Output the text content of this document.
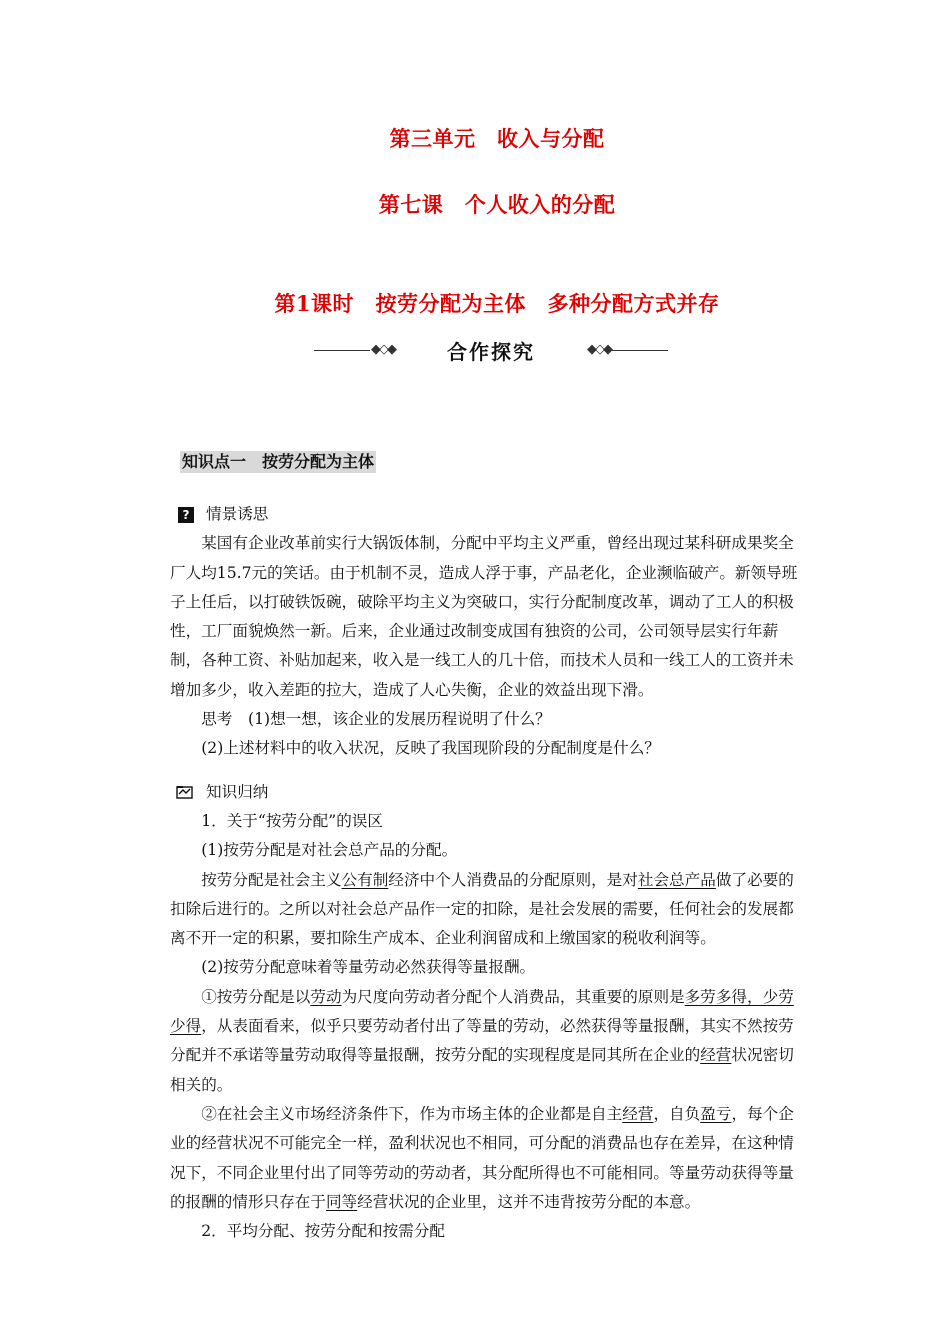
第三单元　收入与分配
第七课　个人收入的分配
第1课时　按劳分配为主体　多种分配方式并存
◆◇◆	合作探究	◆◇◆
知识点一 按劳分配为主体
? 情景诱思

某国有企业改革前实行大锅饭体制，分配中平均主义严重，曾经出现过某科研成果奖全厂人均15.7元的笑话。由于机制不灵，造成人浮于事，产品老化，企业濒临破产。新领导班子上任后，以打破铁饭碗，破除平均主义为突破口，实行分配制度改革，调动了工人的积极性，工厂面貌焕然一新。后来，企业通过改制变成国有独资的公司，公司领导层实行年薪制，各种工资、补贴加起来，收入是一线工人的几十倍，而技术人员和一线工人的工资并未增加多少，收入差距的拉大，造成了人心失衡，企业的效益出现下滑。

思考　 (1)想一想，该企业的发展历程说明了什么？

(2)上述材料中的收入状况，反映了我国现阶段的分配制度是什么？

知识归纳

1．关于“按劳分配”的误区

(1)按劳分配是对社会总产品的分配。

按劳分配是社会主义公有制经济中个人消费品的分配原则，是对社会总产品做了必要的扣除后进行的。之所以对社会总产品作一定的扣除，是社会发展的需要，任何社会的发展都离不开一定的积累，要扣除生产成本、企业利润留成和上缴国家的税收利润等。

(2)按劳分配意味着等量劳动必然获得等量报酬。

①按劳分配是以劳动为尺度向劳动者分配个人消费品，其重要的原则是多劳多得，少劳少得，从表面看来，似乎只要劳动者付出了等量的劳动，必然获得等量报酬，其实不然按劳分配并不承诺等量劳动取得等量报酬，按劳分配的实现程度是同其所在企业的经营状况密切相关的。

②在社会主义市场经济条件下，作为市场主体的企业都是自主经营，自负盈亏，每个企业的经营状况不可能完全一样，盈利状况也不相同，可分配的消费品也存在差异，在这种情况下，不同企业里付出了同等劳动的劳动者，其分配所得也不可能相同。等量劳动获得等量的报酬的情形只存在于同等经营状况的企业里，这并不违背按劳分配的本意。

2．平均分配、按劳分配和按需分配
